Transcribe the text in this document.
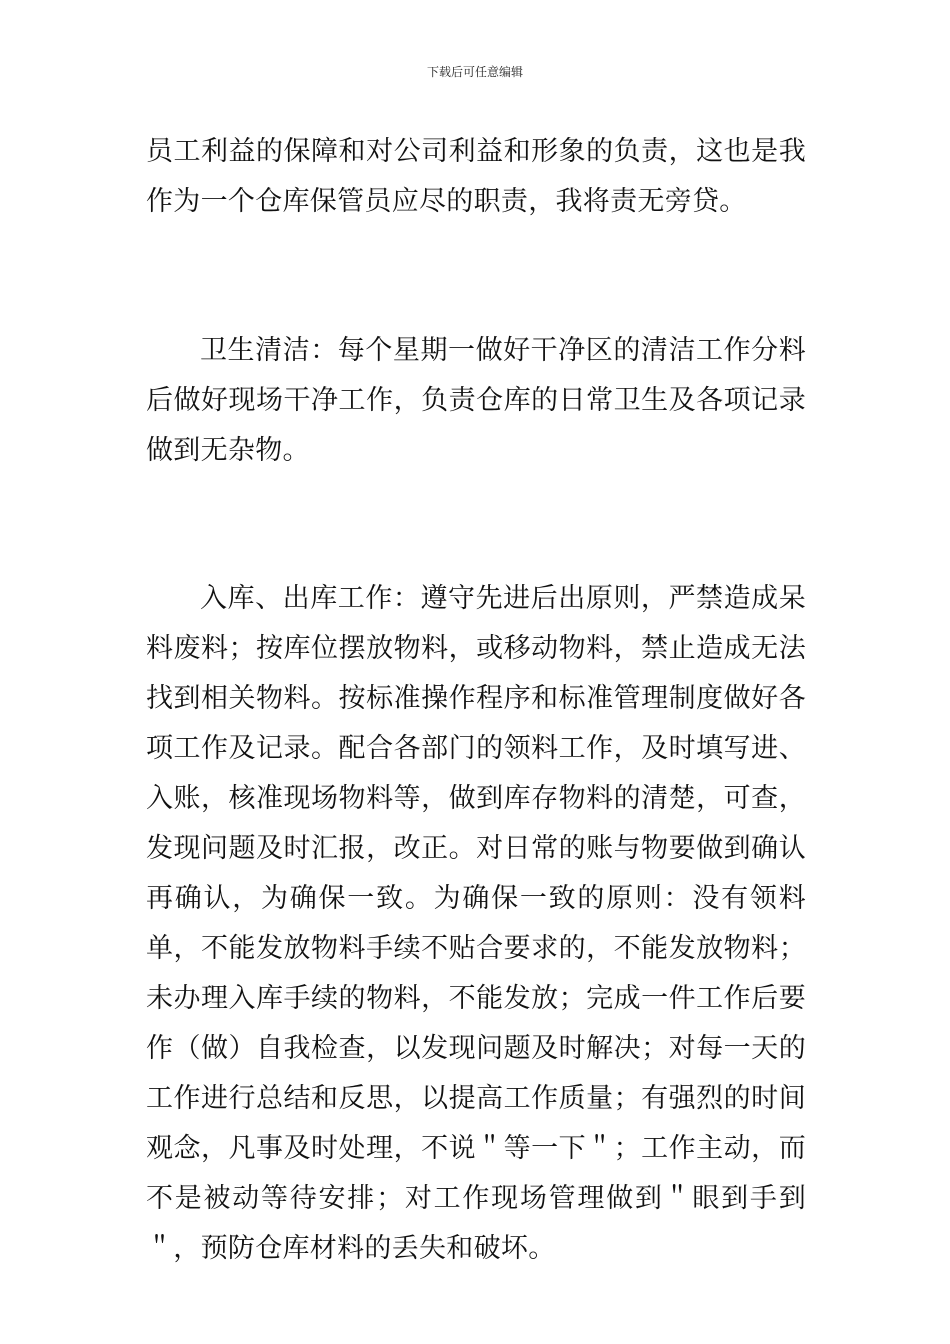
下载后可任意编辑

员工利益的保障和对公司利益和形象的负责，这也是我作为一个仓库保管员应尽的职责，我将责无旁贷。

卫生清洁：每个星期一做好干净区的清洁工作分料后做好现场干净工作，负责仓库的日常卫生及各项记录做到无杂物。

入库、出库工作：遵守先进后出原则，严禁造成呆料废料；按库位摆放物料，或移动物料，禁止造成无法找到相关物料。按标准操作程序和标准管理制度做好各项工作及记录。配合各部门的领料工作，及时填写进、入账，核准现场物料等，做到库存物料的清楚，可查，发现问题及时汇报，改正。对日常的账与物要做到确认再确认，为确保一致。为确保一致的原则：没有领料单，不能发放物料手续不贴合要求的，不能发放物料；未办理入库手续的物料，不能发放；完成一件工作后要作（做）自我检查，以发现问题及时解决；对每一天的工作进行总结和反思，以提高工作质量；有强烈的时间观念，凡事及时处理，不说＂等一下＂；工作主动，而不是被动等待安排；对工作现场管理做到＂眼到手到＂，预防仓库材料的丢失和破坏。
